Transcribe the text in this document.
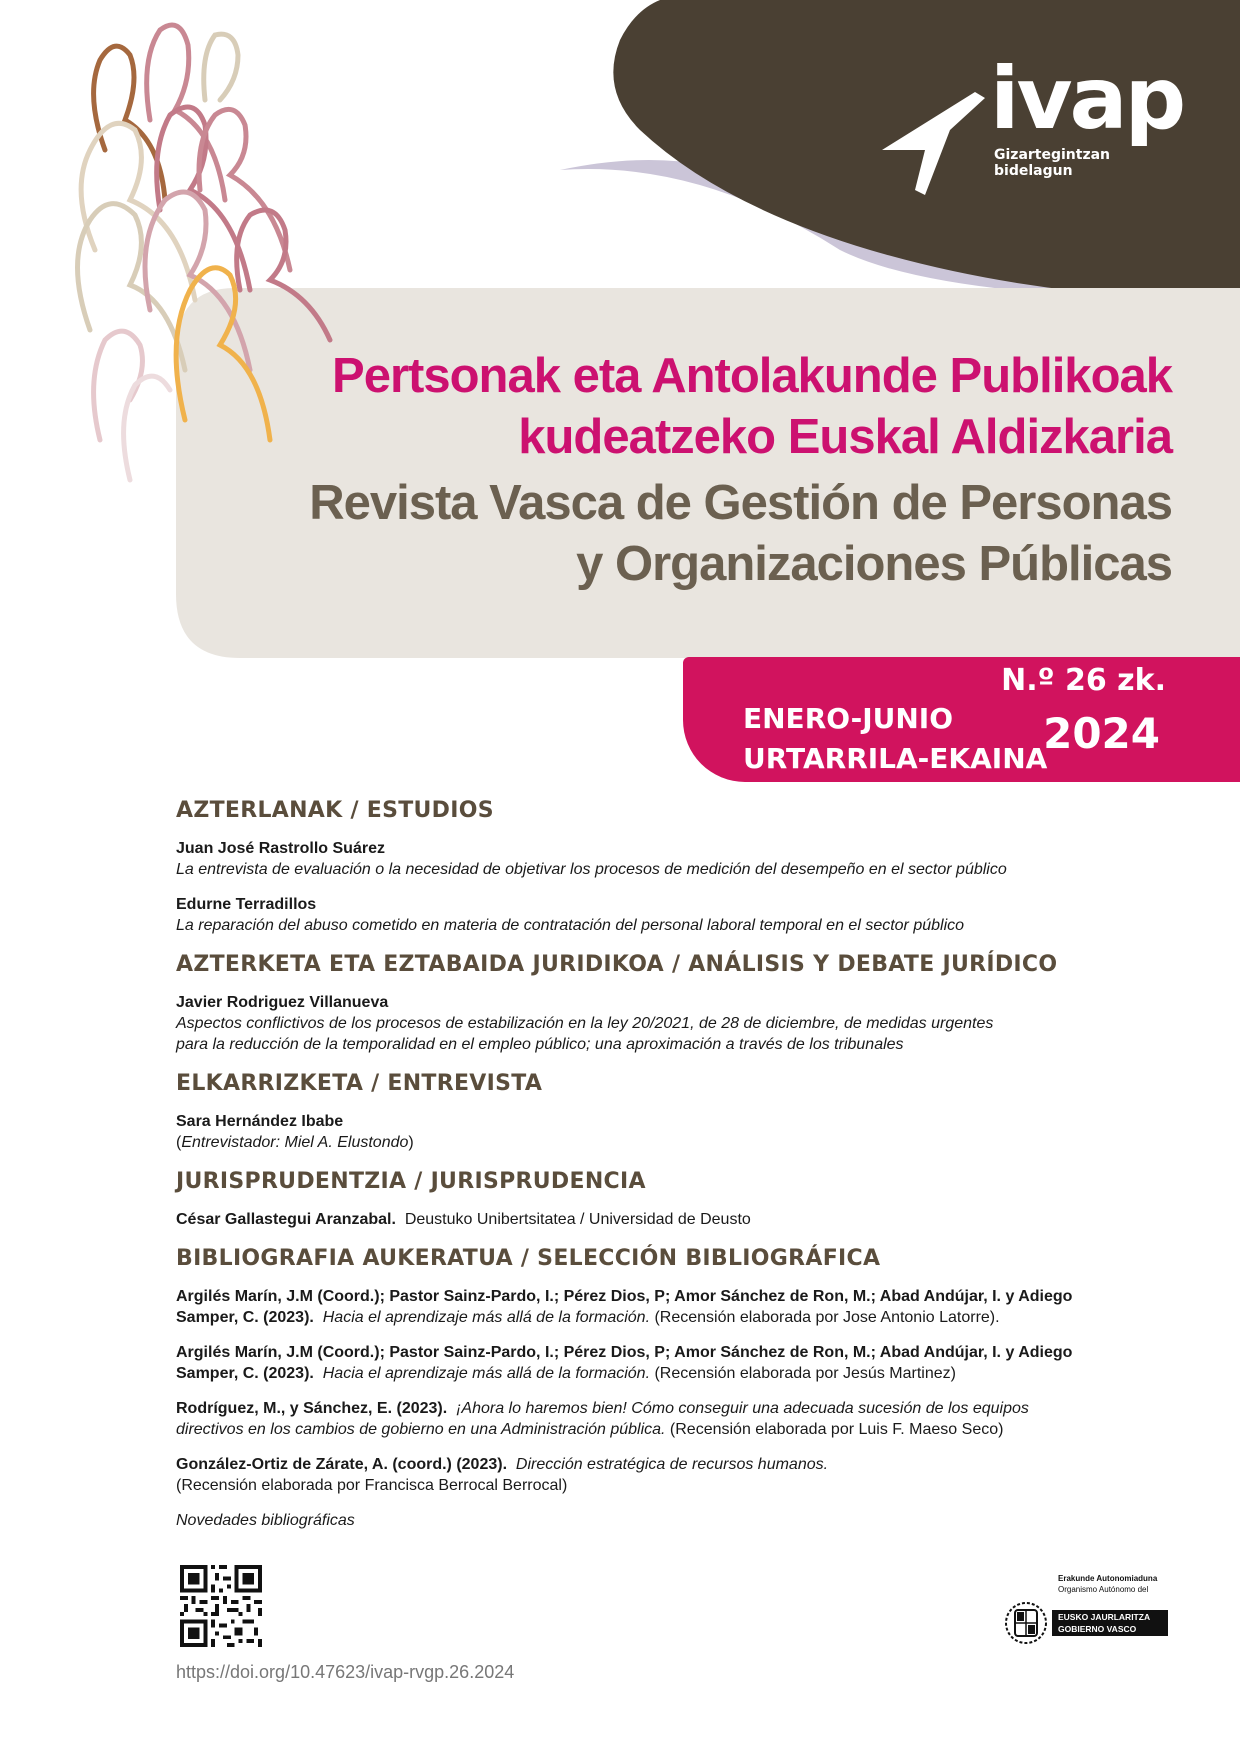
ivap
Gizartegintzan
bidelagun
Pertsonak eta Antolakunde Publikoak
kudeatzeko Euskal Aldizkaria
Revista Vasca de Gestión de Personas
y Organizaciones Públicas
N.º 26 zk.
ENERO-JUNIO
URTARRILA-EKAINA
2024
AZTERLANAK / ESTUDIOS
Juan José Rastrollo Suárez
La entrevista de evaluación o la necesidad de objetivar los procesos de medición del desempeño en el sector público
Edurne Terradillos
La reparación del abuso cometido en materia de contratación del personal laboral temporal en el sector público
AZTERKETA ETA EZTABAIDA JURIDIKOA / ANÁLISIS Y DEBATE JURÍDICO
Javier Rodriguez Villanueva
Aspectos conflictivos de los procesos de estabilización en la ley 20/2021, de 28 de diciembre, de medidas urgentes
para la reducción de la temporalidad en el empleo público; una aproximación a través de los tribunales
ELKARRIZKETA / ENTREVISTA
Sara Hernández Ibabe
(Entrevistador: Miel A. Elustondo)
JURISPRUDENTZIA / JURISPRUDENCIA
César Gallastegui Aranzabal. Deustuko Unibertsitatea / Universidad de Deusto
BIBLIOGRAFIA AUKERATUA / SELECCIÓN BIBLIOGRÁFICA
Argilés Marín, J.M (Coord.); Pastor Sainz-Pardo, I.; Pérez Dios, P; Amor Sánchez de Ron, M.; Abad Andújar, I. y Adiego
Samper, C. (2023). Hacia el aprendizaje más allá de la formación. (Recensión elaborada por Jose Antonio Latorre).
Argilés Marín, J.M (Coord.); Pastor Sainz-Pardo, I.; Pérez Dios, P; Amor Sánchez de Ron, M.; Abad Andújar, I. y Adiego
Samper, C. (2023). Hacia el aprendizaje más allá de la formación. (Recensión elaborada por Jesús Martinez)
Rodríguez, M., y Sánchez, E. (2023). ¡Ahora lo haremos bien! Cómo conseguir una adecuada sucesión de los equipos
directivos en los cambios de gobierno en una Administración pública. (Recensión elaborada por Luis F. Maeso Seco)
González-Ortiz de Zárate, A. (coord.) (2023). Dirección estratégica de recursos humanos.
(Recensión elaborada por Francisca Berrocal Berrocal)
Novedades bibliográficas
https://doi.org/10.47623/ivap-rvgp.26.2024
Erakunde Autonomiaduna
Organismo Autónomo del
EUSKO JAURLARITZA
GOBIERNO VASCO
